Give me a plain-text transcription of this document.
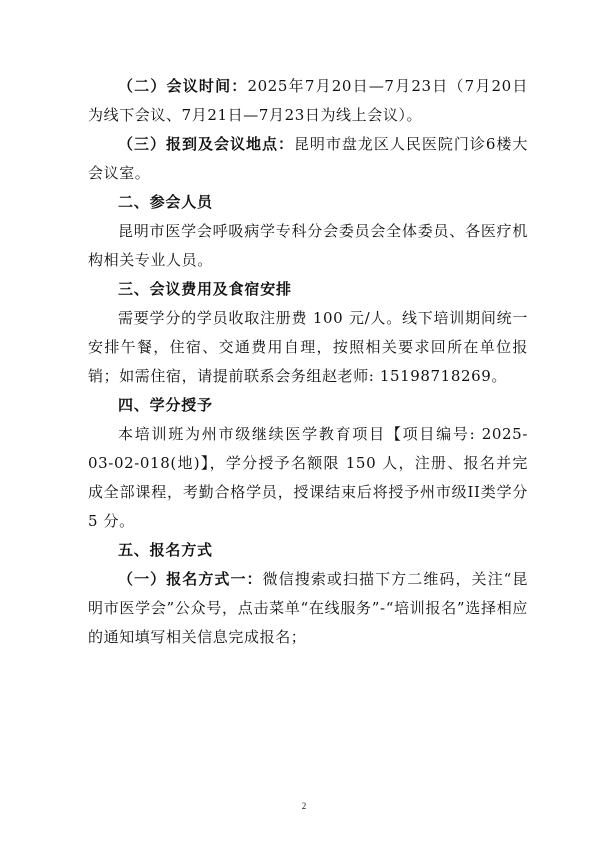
（二）会议时间：2025年7月20日—7月23日（7月20日为线下会议、7月21日—7月23日为线上会议）。

（三）报到及会议地点：昆明市盘龙区人民医院门诊6楼大会议室。

二、参会人员

昆明市医学会呼吸病学专科分会委员会全体委员、各医疗机构相关专业人员。

三、会议费用及食宿安排

需要学分的学员收取注册费 100 元/人。线下培训期间统一安排午餐，住宿、交通费用自理，按照相关要求回所在单位报销；如需住宿，请提前联系会务组赵老师: 15198718269。

四、学分授予

本培训班为州市级继续医学教育项目【项目编号: 2025-03-02-018(地)】，学分授予名额限 150 人，注册、报名并完成全部课程，考勤合格学员，授课结束后将授予州市级II类学分 5 分。

五、报名方式

（一）报名方式一：微信搜索或扫描下方二维码，关注“昆明市医学会”公众号，点击菜单“在线服务”-“培训报名”选择相应的通知填写相关信息完成报名；

2
